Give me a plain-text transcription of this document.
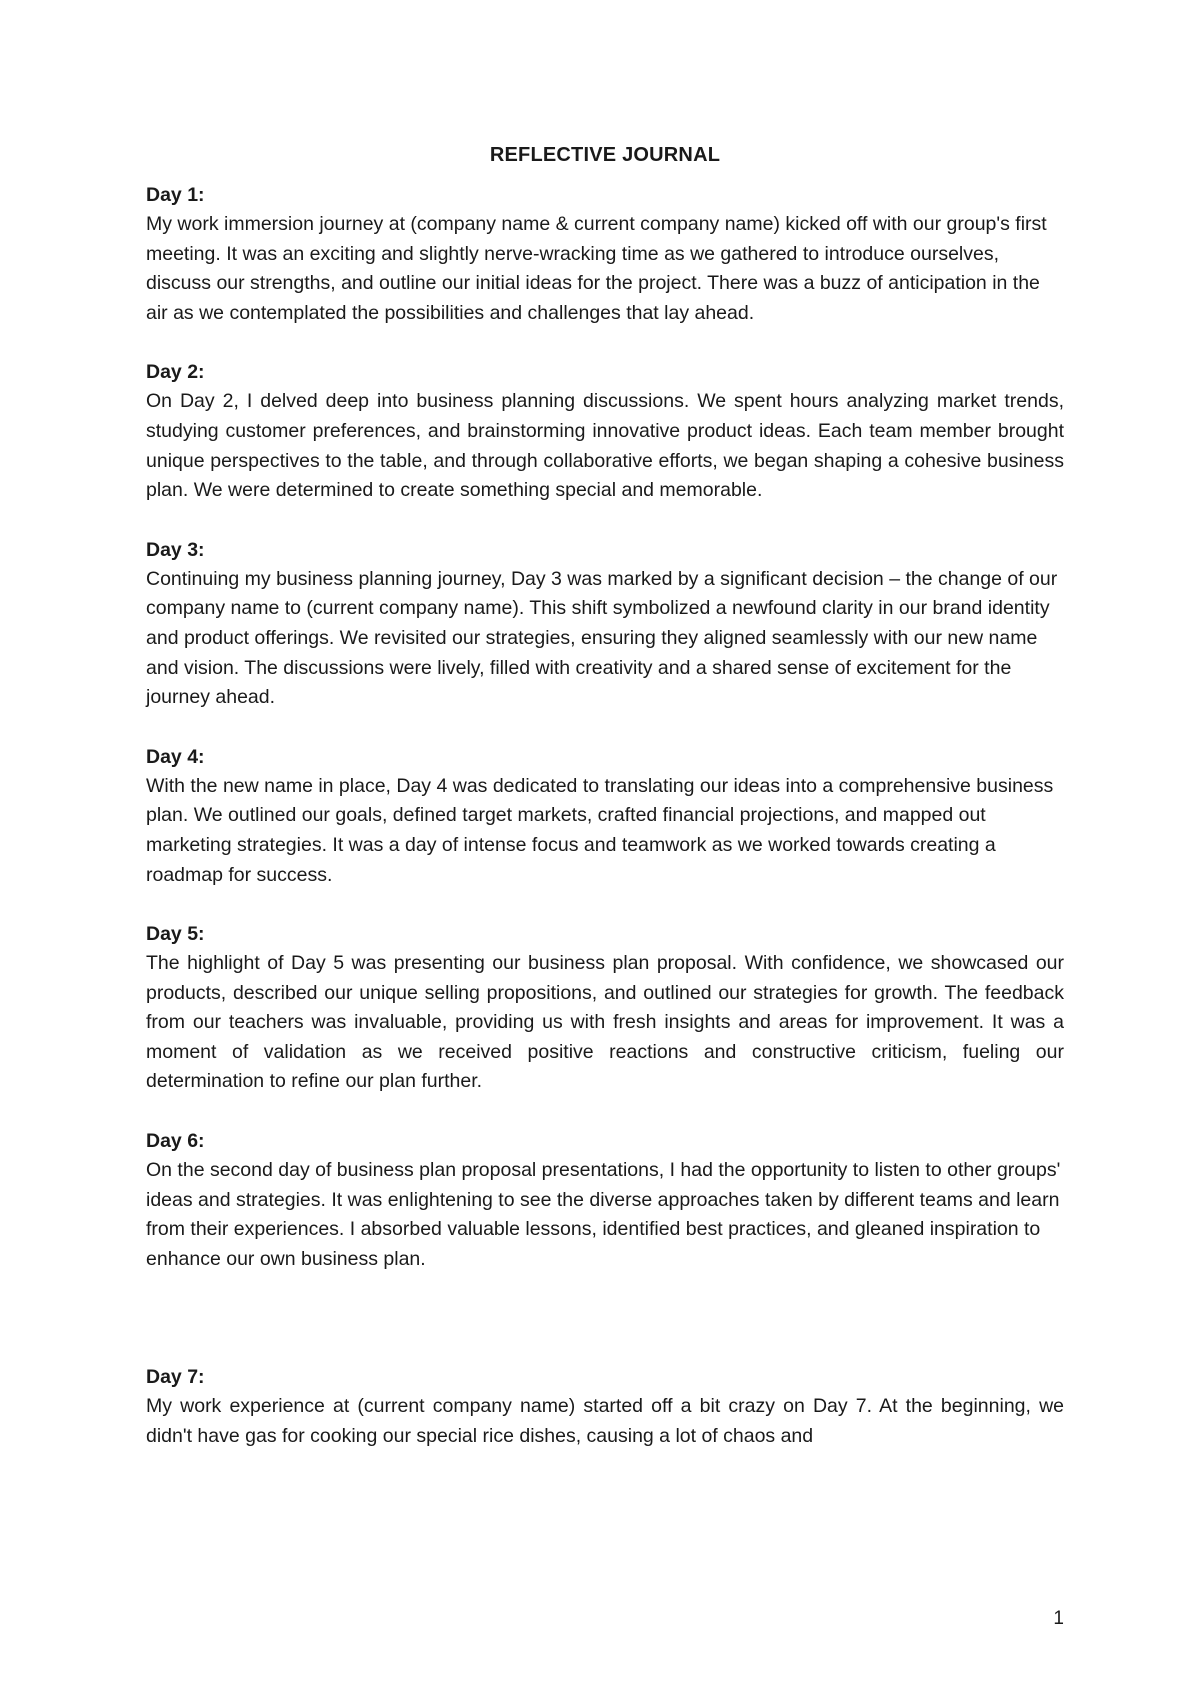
REFLECTIVE JOURNAL
Day 1:

My work immersion journey at (company name & current company name) kicked off with our group's first meeting. It was an exciting and slightly nerve-wracking time as we gathered to introduce ourselves, discuss our strengths, and outline our initial ideas for the project. There was a buzz of anticipation in the air as we contemplated the possibilities and challenges that lay ahead.

Day 2:

On Day 2, I delved deep into business planning discussions. We spent hours analyzing market trends, studying customer preferences, and brainstorming innovative product ideas. Each team member brought unique perspectives to the table, and through collaborative efforts, we began shaping a cohesive business plan. We were determined to create something special and memorable.

Day 3:

Continuing my business planning journey, Day 3 was marked by a significant decision – the change of our company name to (current company name). This shift symbolized a newfound clarity in our brand identity and product offerings. We revisited our strategies, ensuring they aligned seamlessly with our new name and vision. The discussions were lively, filled with creativity and a shared sense of excitement for the journey ahead.

Day 4:

With the new name in place, Day 4 was dedicated to translating our ideas into a comprehensive business plan. We outlined our goals, defined target markets, crafted financial projections, and mapped out marketing strategies. It was a day of intense focus and teamwork as we worked towards creating a roadmap for success.

Day 5:

The highlight of Day 5 was presenting our business plan proposal. With confidence, we showcased our products, described our unique selling propositions, and outlined our strategies for growth. The feedback from our teachers was invaluable, providing us with fresh insights and areas for improvement. It was a moment of validation as we received positive reactions and constructive criticism, fueling our determination to refine our plan further.

Day 6:

On the second day of business plan proposal presentations, I had the opportunity to listen to other groups' ideas and strategies. It was enlightening to see the diverse approaches taken by different teams and learn from their experiences. I absorbed valuable lessons, identified best practices, and gleaned inspiration to enhance our own business plan.

Day 7:

My work experience at (current company name) started off a bit crazy on Day 7. At the beginning, we didn't have gas for cooking our special rice dishes, causing a lot of chaos and

1
